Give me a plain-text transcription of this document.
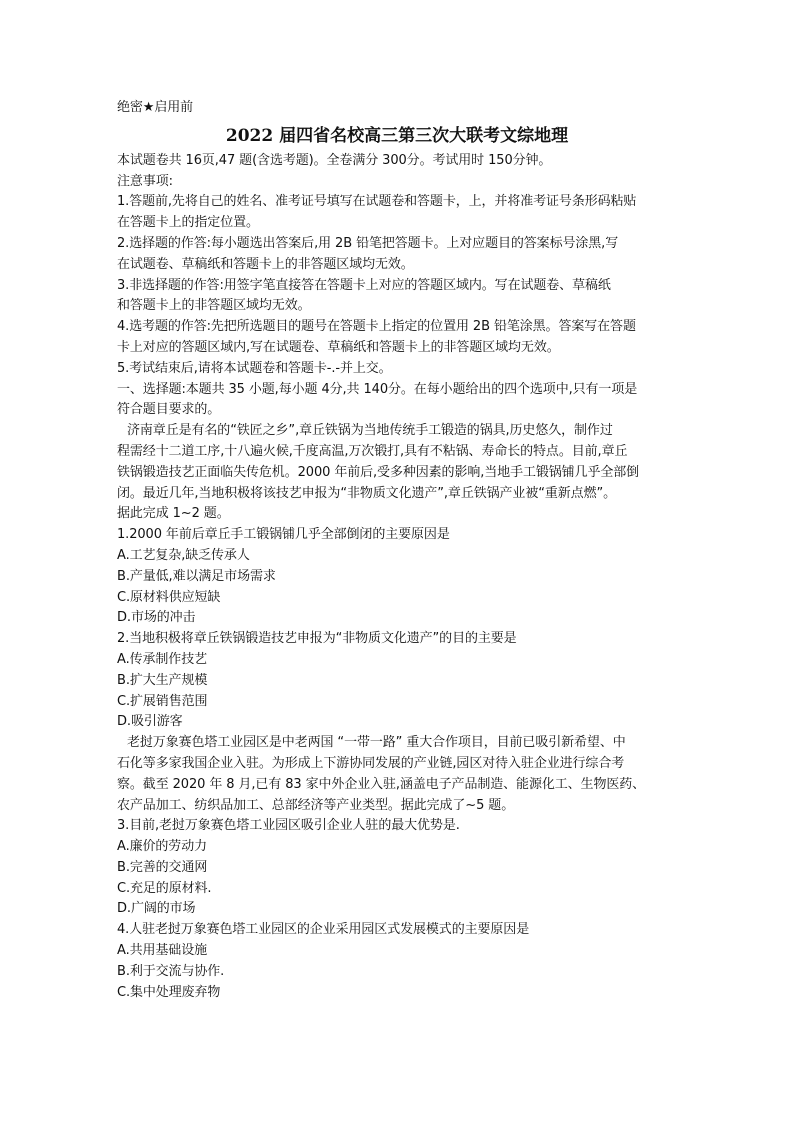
绝密★启用前
2022 届四省名校高三第三次大联考文综地理
本试题卷共 16页,47 题(含选考题)。全卷满分 300分。考试用时 150分钟。
注意事项:
1.答题前,先将自己的姓名、准考证号填写在试题卷和答题卡，上，并将准考证号条形码粘贴
在答题卡上的指定位置。
2.选择题的作答:每小题选出答案后,用 2B 铅笔把答题卡。上对应题目的答案标号涂黑,写
在试题卷、草稿纸和答题卡上的非答题区域均无效。
3.非选择题的作答:用签字笔直接答在答题卡上对应的答题区域内。写在试题卷、草稿纸
和答题卡上的非答题区域均无效。
4.选考题的作答:先把所选题目的题号在答题卡上指定的位置用 2B 铅笔涂黑。答案写在答题
卡上对应的答题区域内,写在试题卷、草稿纸和答题卡上的非答题区域均无效。
5.考试结束后,请将本试题卷和答题卡-.-并上交。
一、选择题:本题共 35 小题,每小题 4分,共 140分。在每小题给出的四个选项中,只有一项是
符合题目要求的。
济南章丘是有名的“铁匠之乡”,章丘铁锅为当地传统手工锻造的锅具,历史悠久，制作过
程需经十二道工序,十八遍火候,千度高温,万次锻打,具有不粘锅、寿命长的特点。目前,章丘
铁锅锻造技艺正面临失传危机。2000 年前后,受多种因素的影响,当地手工锻锅铺几乎全部倒
闭。最近几年,当地积极将该技艺申报为“非物质文化遗产”,章丘铁锅产业被“重新点燃”。
据此完成 1~2 题。
1.2000 年前后章丘手工锻锅铺几乎全部倒闭的主要原因是
A.工艺复杂,缺乏传承人
B.产量低,难以满足市场需求
C.原材料供应短缺
D.市场的冲击
2.当地积极将章丘铁锅锻造技艺申报为“非物质文化遗产”的目的主要是
A.传承制作技艺
B.扩大生产规模
C.扩展销售范围
D.吸引游客
老挝万象赛色塔工业园区是中老两国 “一带一路” 重大合作项目，目前已吸引新希望、中
石化等多家我国企业入驻。为形成上下游协同发展的产业链,园区对待入驻企业进行综合考
察。截至 2020 年 8 月,已有 83 家中外企业入驻,涵盖电子产品制造、能源化工、生物医药、
农产品加工、纺织品加工、总部经济等产业类型。据此完成了~5 题。
3.目前,老挝万象赛色塔工业园区吸引企业人驻的最大优势是.
A.廉价的劳动力
B.完善的交通网
C.充足的原材料.
D.广阔的市场
4.人驻老挝万象赛色塔工业园区的企业采用园区式发展模式的主要原因是
A.共用基础设施
B.利于交流与协作.
C.集中处理废弃物
